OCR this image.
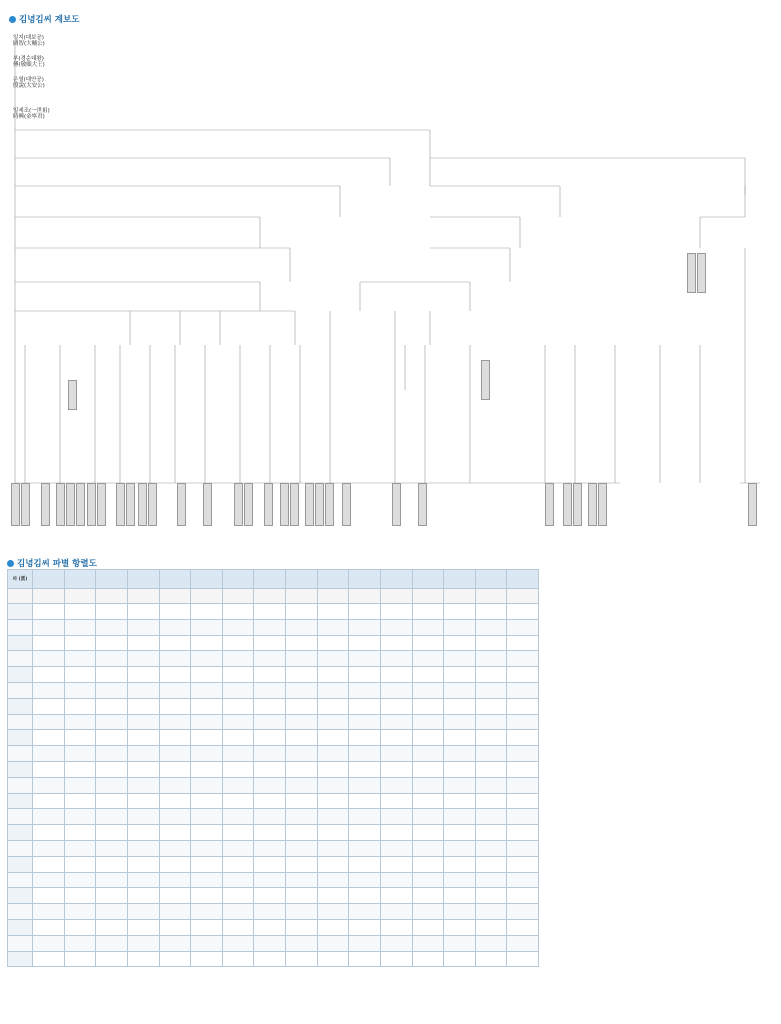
김녕김씨 계보도
일지(대보공)
閼智(大輔公)
부(경순대왕)
傅(敬順大王)
은열(대안공)
殷說(大安公)
일세조(一世祖)
時興(金寧君)
김녕김씨 파별 항렬도
파 (派)																
